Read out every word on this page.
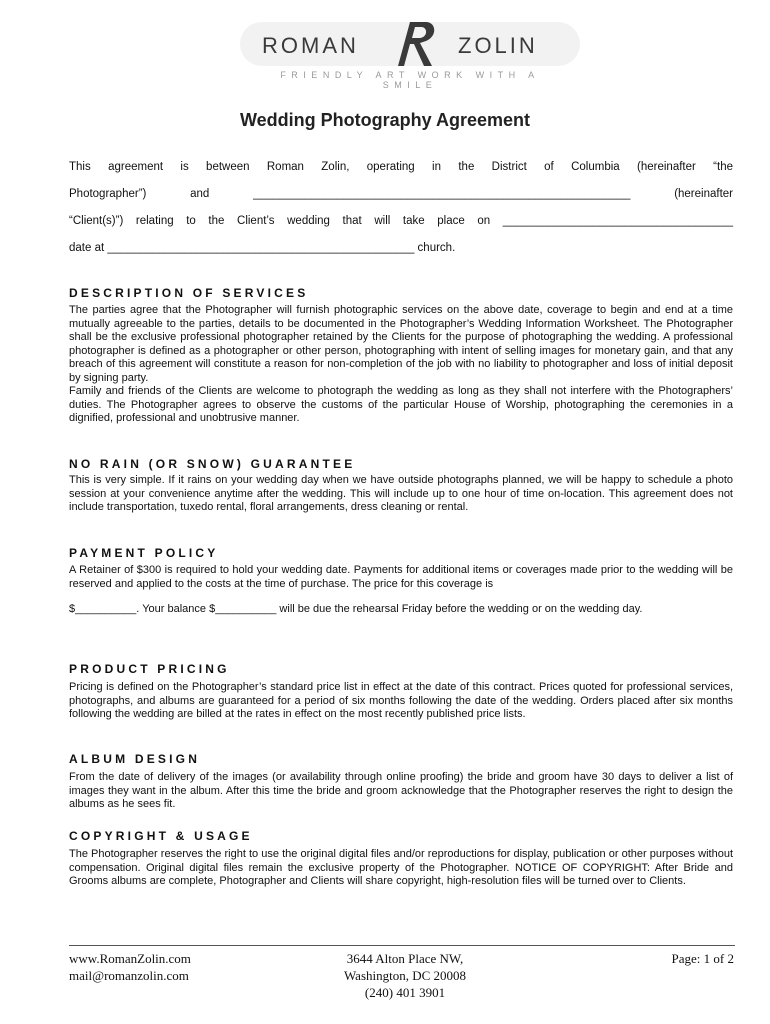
ROMAN	ZOLIN
FRIENDLY ART WORK WITH A SMILE
Wedding Photography Agreement
This agreement is between Roman Zolin, operating in the District of Columbia (hereinafter “the
Photographer”) and ___________________________________________________________ (hereinafter
“Client(s)”) relating to the Client’s wedding that will take place on ____________________________________
date at ________________________________________________ church.
DESCRIPTION OF SERVICES

The parties agree that the Photographer will furnish photographic services on the above date, coverage to begin and end at a time mutually agreeable to the parties, details to be documented in the Photographer’s Wedding Information Worksheet. The Photographer shall be the exclusive professional photographer retained by the Clients for the purpose of photographing the wedding. A professional photographer is defined as a photographer or other person, photographing with intent of selling images for monetary gain, and that any breach of this agreement will constitute a reason for non-completion of the job with no liability to photographer and loss of initial deposit by signing party.

Family and friends of the Clients are welcome to photograph the wedding as long as they shall not interfere with the Photographers’ duties. The Photographer agrees to observe the customs of the particular House of Worship, photographing the ceremonies in a dignified, professional and unobtrusive manner.

NO RAIN (OR SNOW) GUARANTEE

This is very simple. If it rains on your wedding day when we have outside photographs planned, we will be happy to schedule a photo session at your convenience anytime after the wedding. This will include up to one hour of time on-location. This agreement does not include transportation, tuxedo rental, floral arrangements, dress cleaning or rental.

PAYMENT POLICY

A Retainer of $300 is required to hold your wedding date. Payments for additional items or coverages made prior to the wedding will be reserved and applied to the costs at the time of purchase. The price for this coverage is

$__________. Your balance $__________ will be due the rehearsal Friday before the wedding or on the wedding day.

PRODUCT PRICING

Pricing is defined on the Photographer’s standard price list in effect at the date of this contract. Prices quoted for professional services, photographs, and albums are guaranteed for a period of six months following the date of the wedding. Orders placed after six months following the wedding are billed at the rates in effect on the most recently published price lists.

ALBUM DESIGN

From the date of delivery of the images (or availability through online proofing) the bride and groom have 30 days to deliver a list of images they want in the album. After this time the bride and groom acknowledge that the Photographer reserves the right to design the albums as he sees fit.

COPYRIGHT & USAGE

The Photographer reserves the right to use the original digital files and/or reproductions for display, publication or other purposes without compensation. Original digital files remain the exclusive property of the Photographer. NOTICE OF COPYRIGHT: After Bride and Grooms albums are complete, Photographer and Clients will share copyright, high-resolution files will be turned over to Clients.

www.RomanZolin.com
mail@romanzolin.com
3644 Alton Place NW,
Washington, DC 20008
(240) 401 3901
Page: 1 of 2
